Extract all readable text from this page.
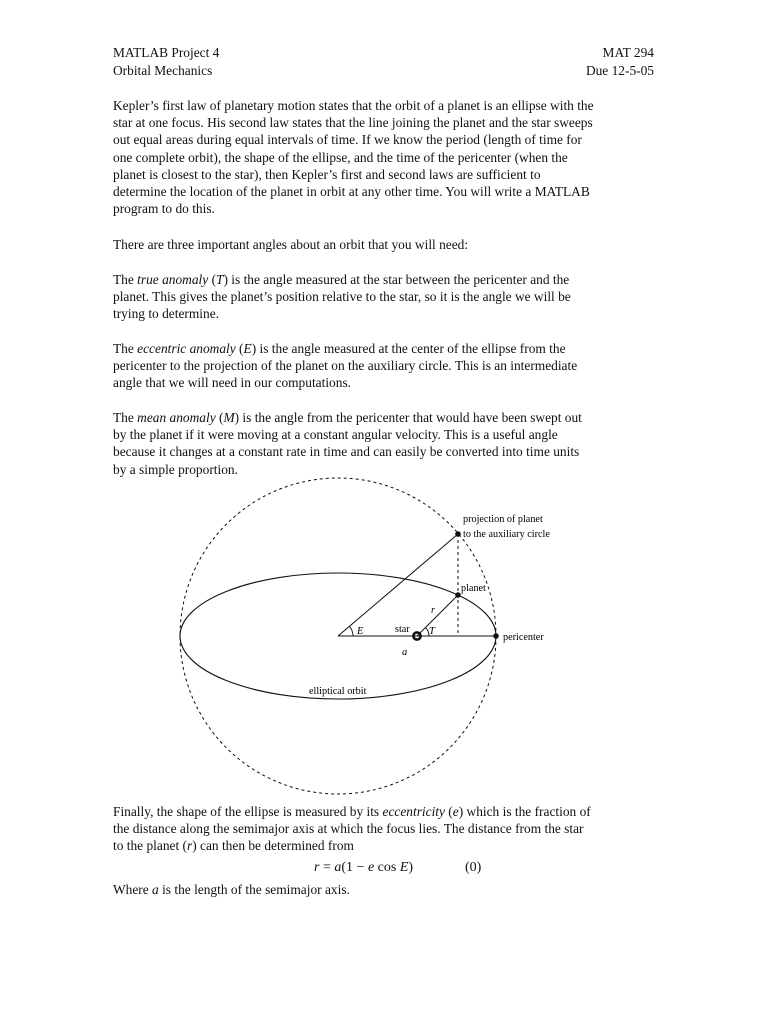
MATLAB Project 4	MAT 294
Orbital Mechanics	Due 12-5-05

Kepler’s first law of planetary motion states that the orbit of a planet is an ellipse with the
star at one focus. His second law states that the line joining the planet and the star sweeps
out equal areas during equal intervals of time. If we know the period (length of time for
one complete orbit), the shape of the ellipse, and the time of the pericenter (when the
planet is closest to the star), then Kepler’s first and second laws are sufficient to
determine the location of the planet in orbit at any other time. You will write a MATLAB
program to do this.

There are three important angles about an orbit that you will need:

The true anomaly (T) is the angle measured at the star between the pericenter and the
planet. This gives the planet’s position relative to the star, so it is the angle we will be
trying to determine.

The eccentric anomaly (E) is the angle measured at the center of the ellipse from the
pericenter to the projection of the planet on the auxiliary circle. This is an intermediate
angle that we will need in our computations.

The mean anomaly (M) is the angle from the pericenter that would have been swept out
by the planet if it were moving at a constant angular velocity. This is a useful angle
because it changes at a constant rate in time and can easily be converted into time units
by a simple proportion.

projection of planet
to the auxiliary circle
planet
r
star T
E
a
pericenter
elliptical orbit

Finally, the shape of the ellipse is measured by its eccentricity (e) which is the fraction of
the distance along the semimajor axis at which the focus lies. The distance from the star
to the planet (r) can then be determined from

r = a(1 − e cos E)	(0)

Where a is the length of the semimajor axis.
